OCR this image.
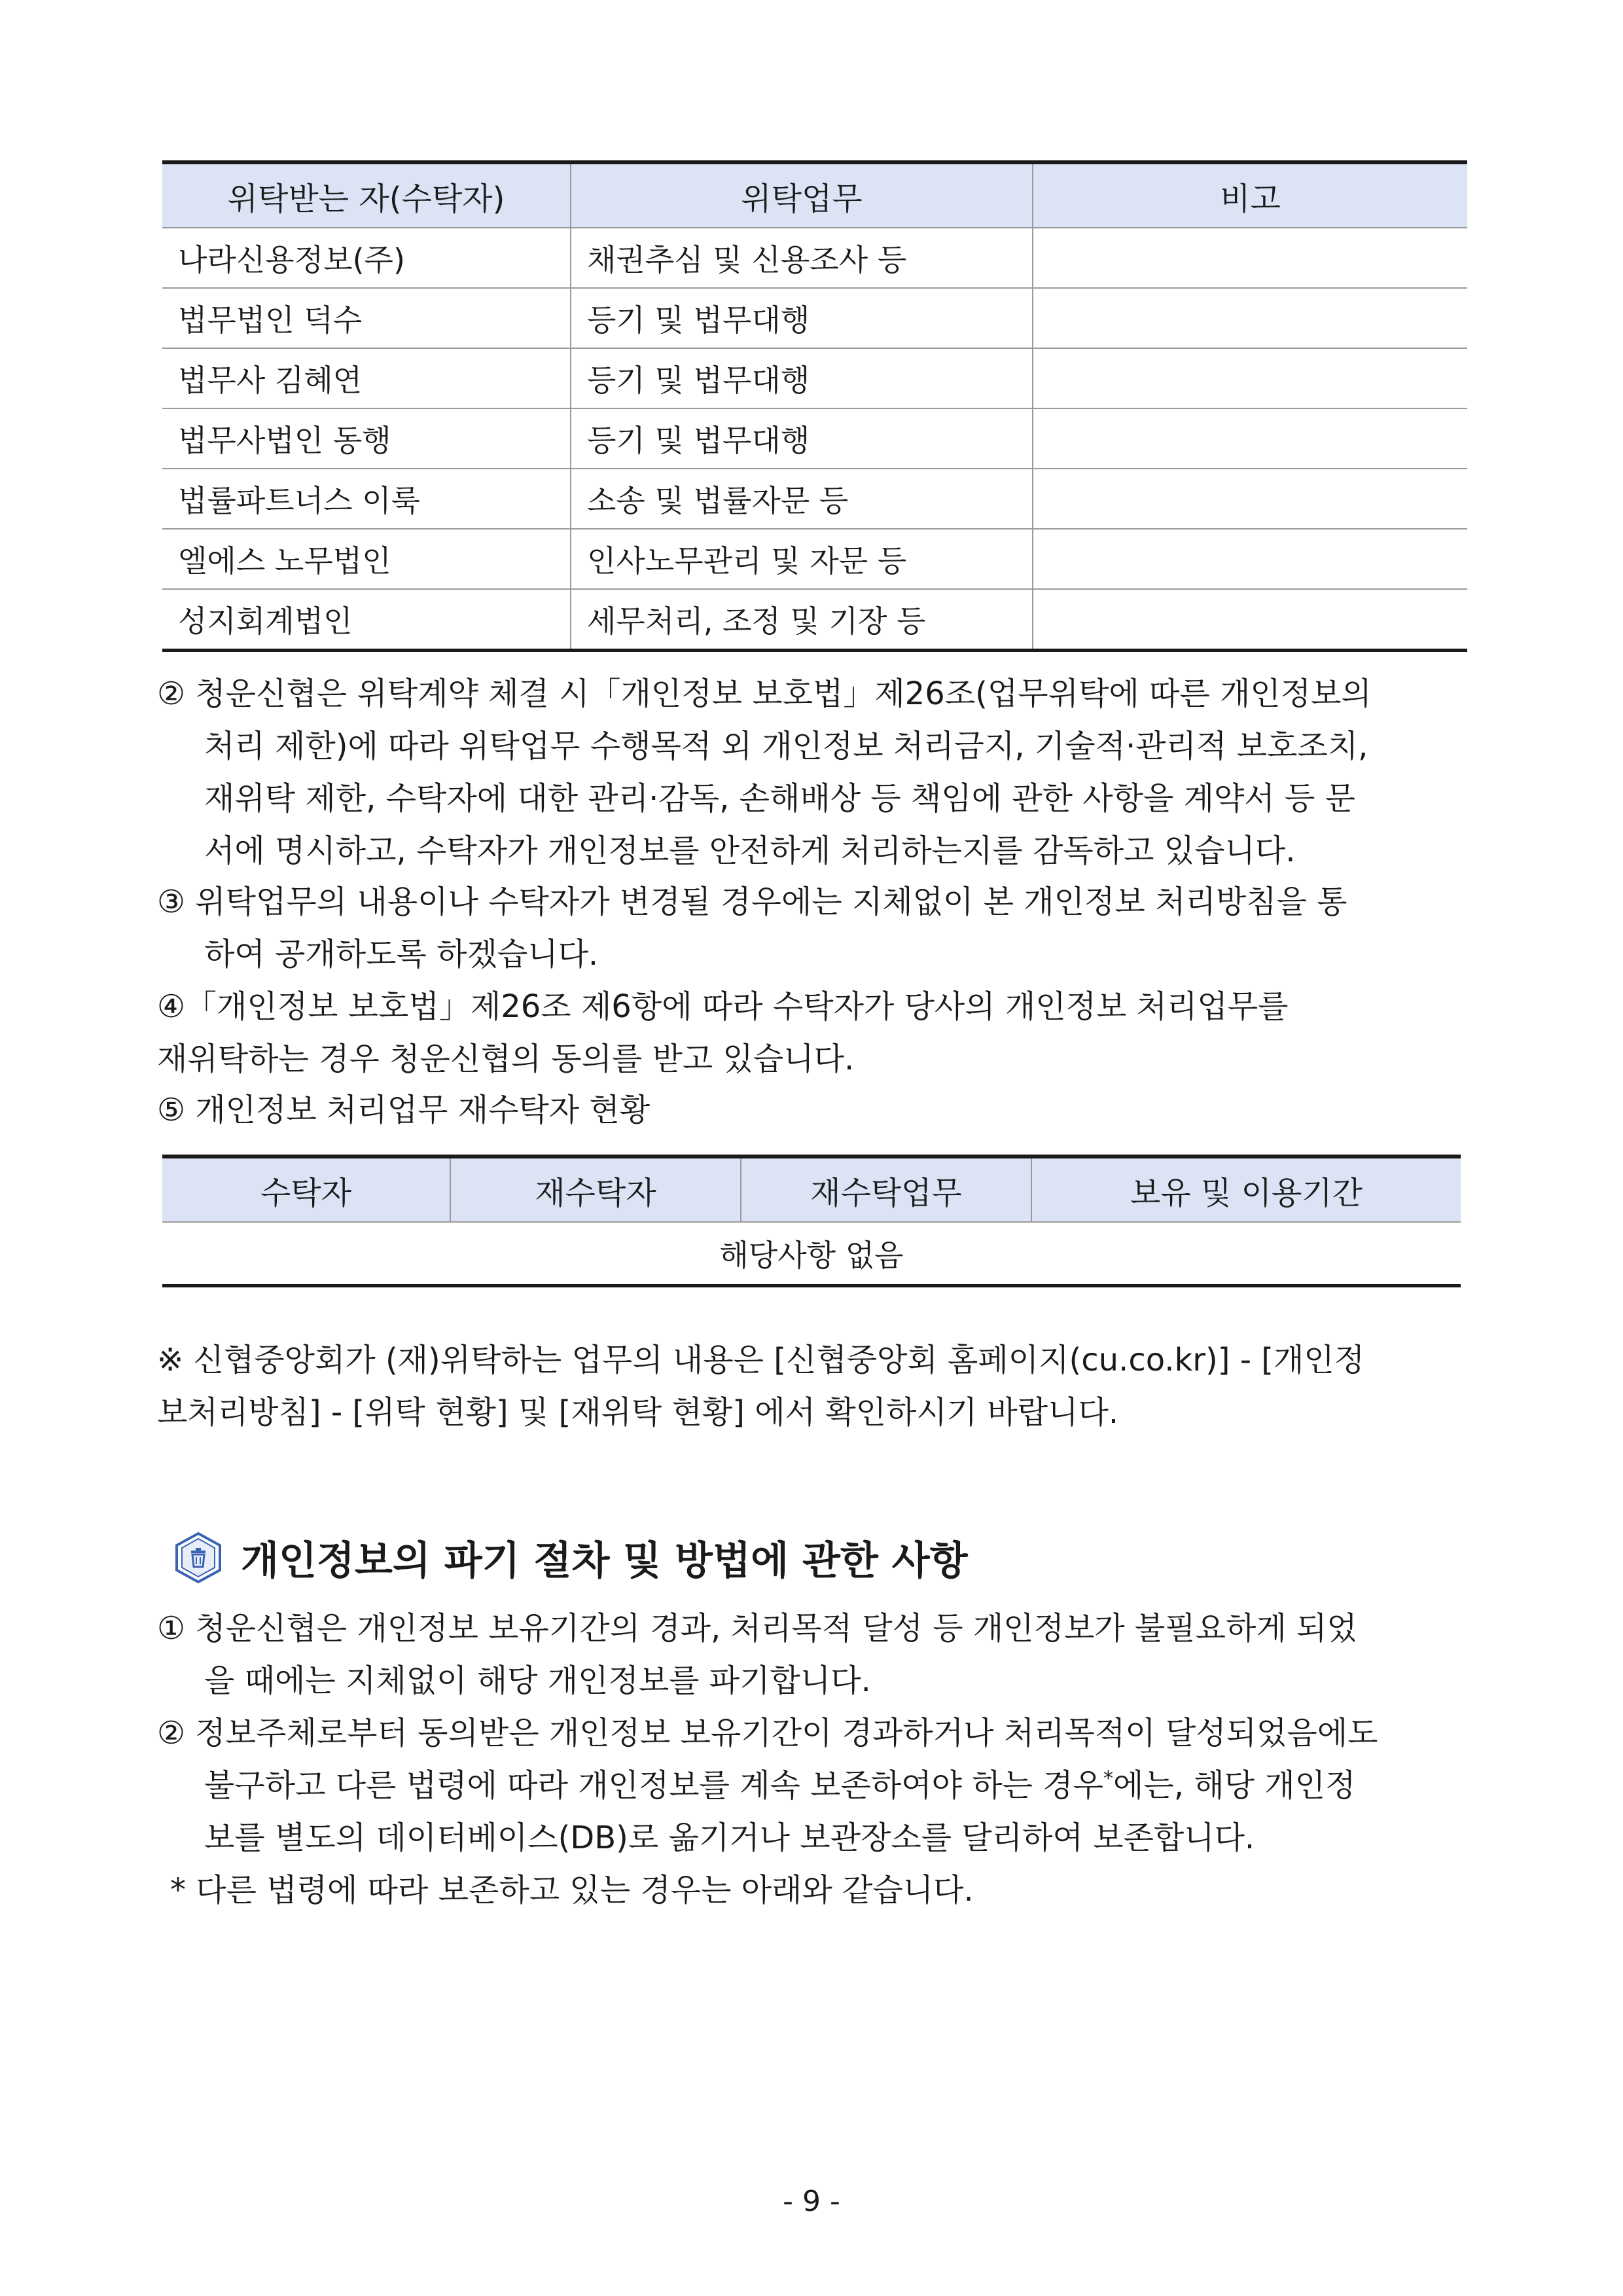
위탁받는 자(수탁자)	위탁업무	비고
나라신용정보(주)	채권추심 및 신용조사 등	
법무법인 덕수	등기 및 법무대행	
법무사 김혜연	등기 및 법무대행	
법무사법인 동행	등기 및 법무대행	
법률파트너스 이룩	소송 및 법률자문 등	
엘에스 노무법인	인사노무관리 및 자문 등	
성지회계법인	세무처리, 조정 및 기장 등	

② 청운신협은 위탁계약 체결 시「개인정보 보호법」제26조(업무위탁에 따른 개인정보의
처리 제한)에 따라 위탁업무 수행목적 외 개인정보 처리금지, 기술적·관리적 보호조치,
재위탁 제한, 수탁자에 대한 관리·감독, 손해배상 등 책임에 관한 사항을 계약서 등 문
서에 명시하고, 수탁자가 개인정보를 안전하게 처리하는지를 감독하고 있습니다.

③ 위탁업무의 내용이나 수탁자가 변경될 경우에는 지체없이 본 개인정보 처리방침을 통
하여 공개하도록 하겠습니다.

④「개인정보 보호법」제26조 제6항에 따라 수탁자가 당사의 개인정보 처리업무를
재위탁하는 경우 청운신협의 동의를 받고 있습니다.

⑤ 개인정보 처리업무 재수탁자 현황

수탁자	재수탁자	재수탁업무	보유 및 이용기간
해당사항 없음

※ 신협중앙회가 (재)위탁하는 업무의 내용은 [신협중앙회 홈페이지(cu.co.kr)] - [개인정
보처리방침] - [위탁 현황] 및 [재위탁 현황] 에서 확인하시기 바랍니다.

개인정보의 파기 절차 및 방법에 관한 사항

① 청운신협은 개인정보 보유기간의 경과, 처리목적 달성 등 개인정보가 불필요하게 되었
을 때에는 지체없이 해당 개인정보를 파기합니다.

② 정보주체로부터 동의받은 개인정보 보유기간이 경과하거나 처리목적이 달성되었음에도
불구하고 다른 법령에 따라 개인정보를 계속 보존하여야 하는 경우*에는, 해당 개인정
보를 별도의 데이터베이스(DB)로 옮기거나 보관장소를 달리하여 보존합니다.

* 다른 법령에 따라 보존하고 있는 경우는 아래와 같습니다.

- 9 -
